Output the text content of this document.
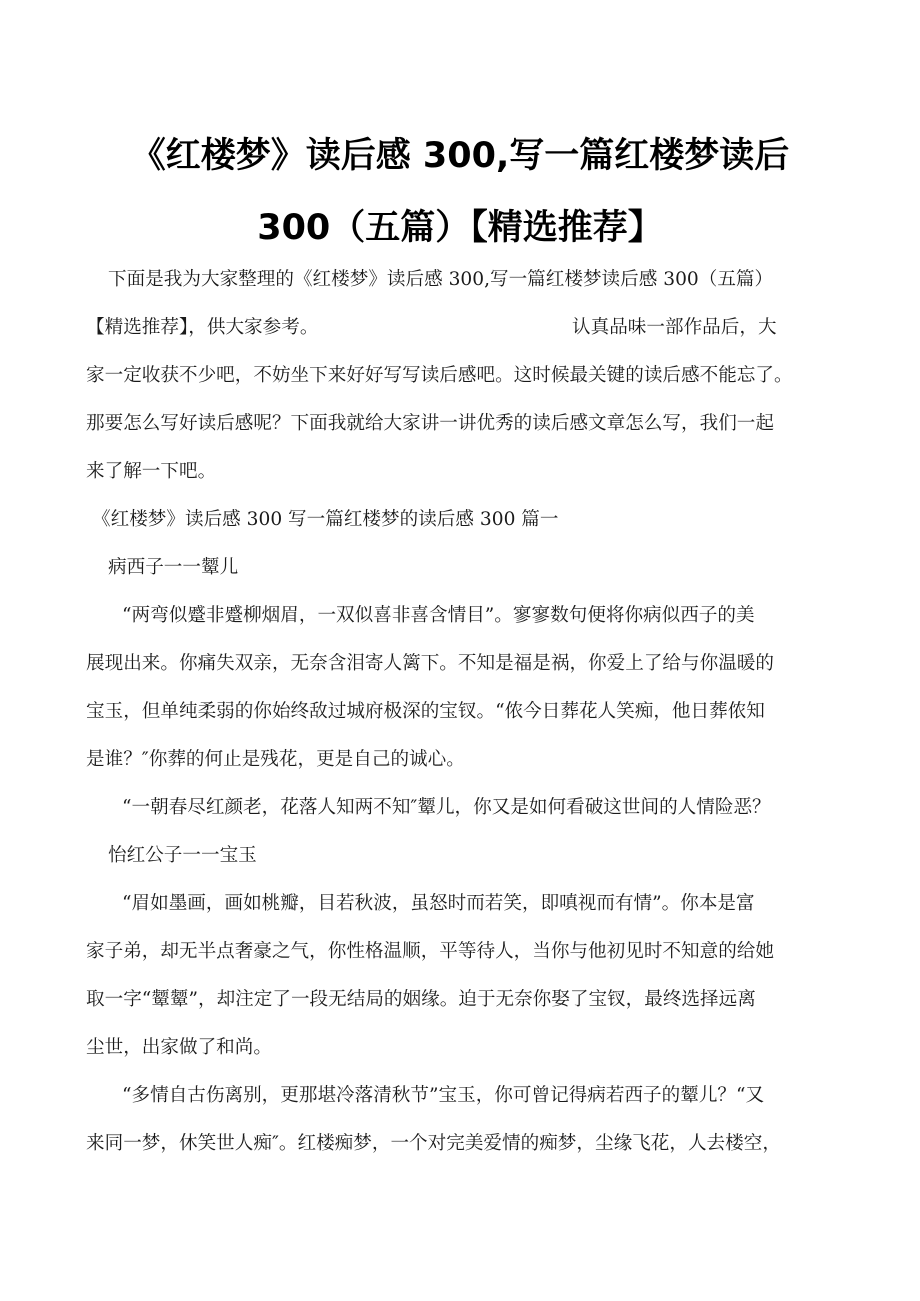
《红楼梦》读后感 300,写一篇红楼梦读后
300（五篇）【精选推荐】
下面是我为大家整理的《红楼梦》读后感 300,写一篇红楼梦读后感 300（五篇）
【精选推荐】，供大家参考。	认真品味一部作品后，大
家一定收获不少吧，不妨坐下来好好写写读后感吧。这时候最关键的读后感不能忘了。
那要怎么写好读后感呢？下面我就给大家讲一讲优秀的读后感文章怎么写，我们一起
来了解一下吧。
《红楼梦》读后感 300 写一篇红楼梦的读后感 300 篇一
病西子一一颦儿
“两弯似蹙非蹙柳烟眉，一双似喜非喜含情目”。寥寥数句便将你病似西子的美
展现出来。你痛失双亲，无奈含泪寄人篱下。不知是福是祸，你爱上了给与你温暖的
宝玉，但单纯柔弱的你始终敌过城府极深的宝钗。“侬今日葬花人笑痴，他日葬侬知
是谁？″你葬的何止是残花，更是自己的诚心。
“一朝春尽红颜老，花落人知两不知″颦儿，你又是如何看破这世间的人情险恶？
怡红公子一一宝玉
“眉如墨画，画如桃瓣，目若秋波，虽怒时而若笑，即嗔视而有情”。你本是富
家子弟，却无半点奢豪之气，你性格温顺，平等待人，当你与他初见时不知意的给她
取一字“颦颦”，却注定了一段无结局的姻缘。迫于无奈你娶了宝钗，最终选择远离
尘世，出家做了和尚。
“多情自古伤离别，更那堪冷落清秋节”宝玉，你可曾记得病若西子的颦儿？“又
来同一梦，休笑世人痴″。红楼痴梦，一个对完美爱情的痴梦，尘缘飞花，人去楼空，
